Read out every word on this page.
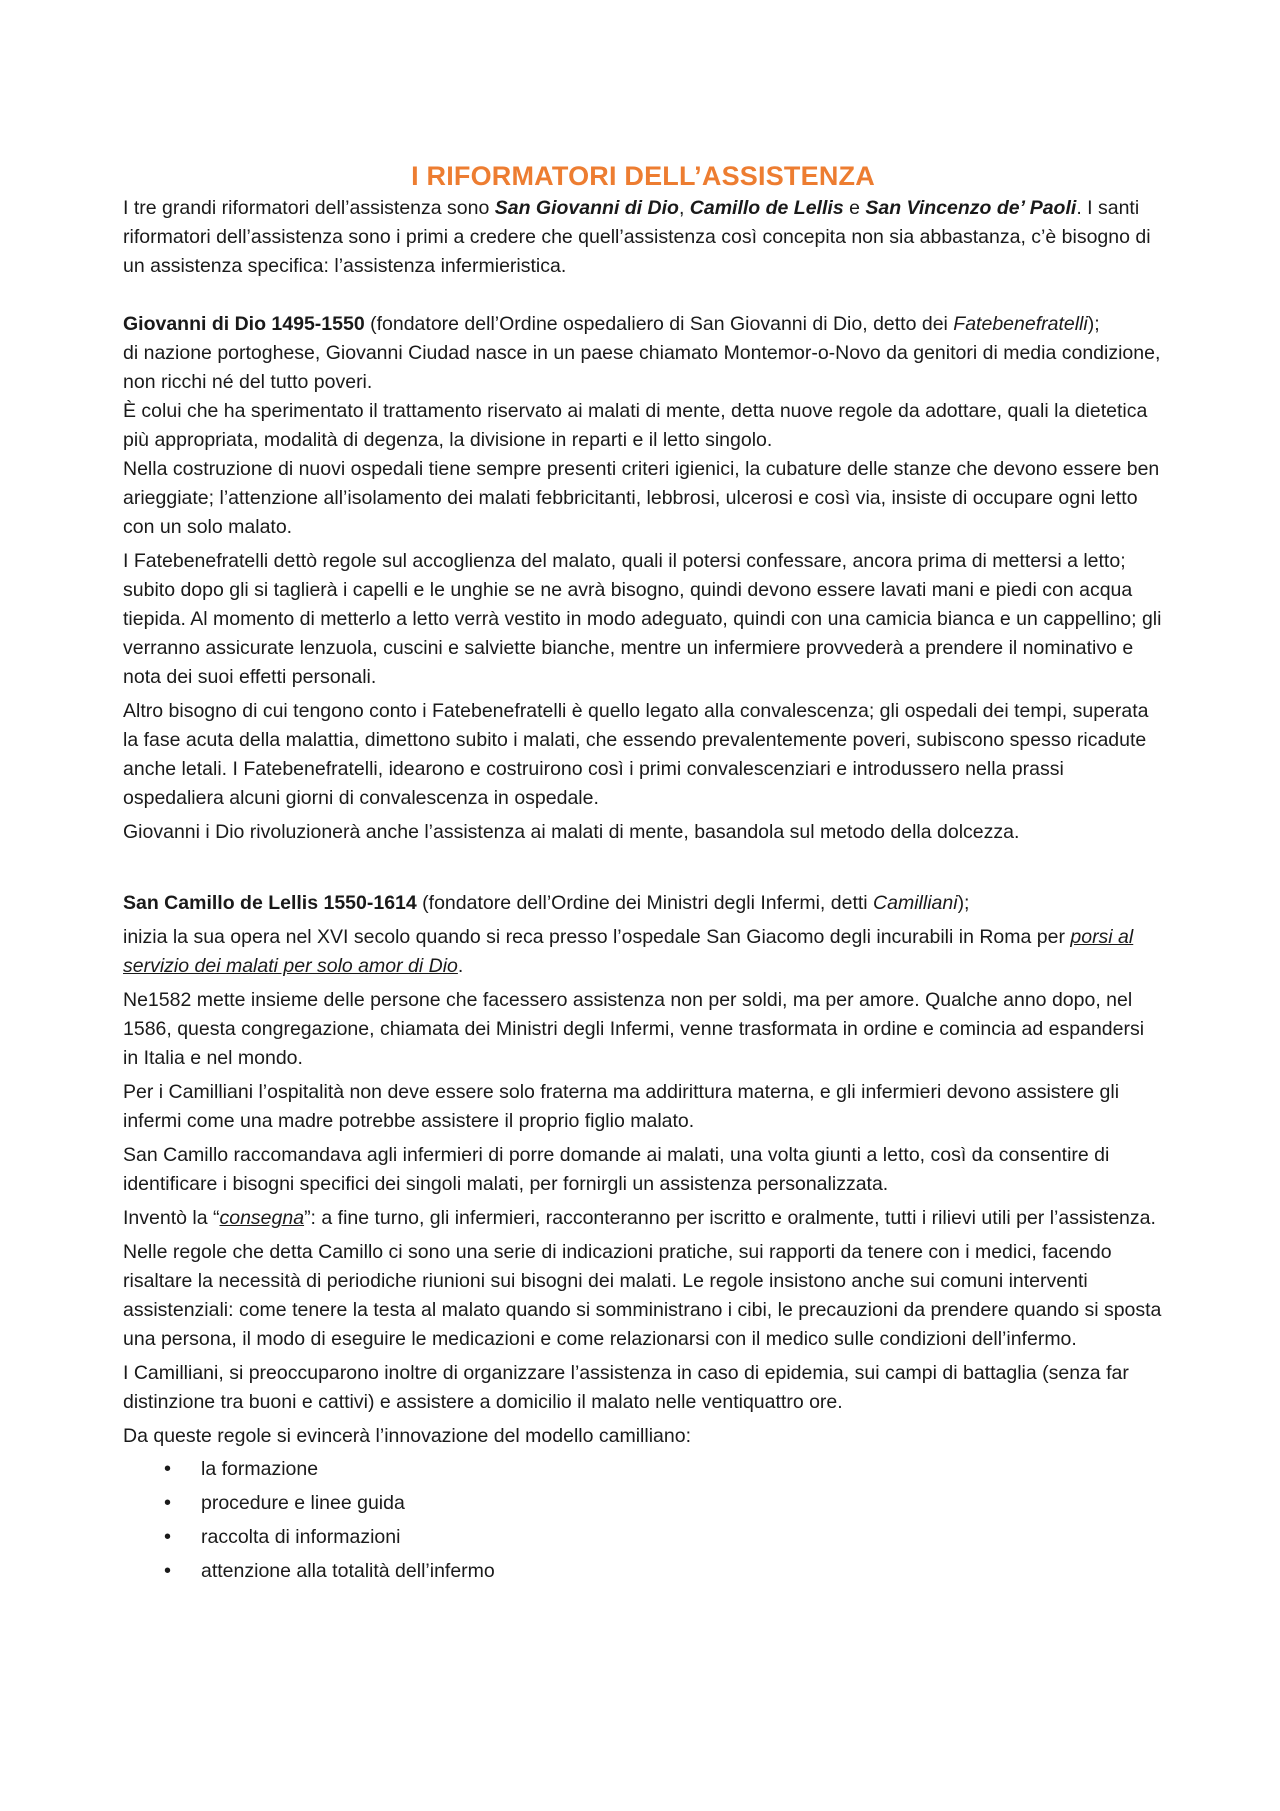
I RIFORMATORI DELL’ASSISTENZA

I tre grandi riformatori dell’assistenza sono San Giovanni di Dio, Camillo de Lellis e San Vincenzo de’ Paoli. I santi riformatori dell’assistenza sono i primi a credere che quell’assistenza così concepita non sia abbastanza, c’è bisogno di un assistenza specifica: l’assistenza infermieristica.

Giovanni di Dio 1495-1550 (fondatore dell’Ordine ospedaliero di San Giovanni di Dio, detto dei Fatebenefratelli);

di nazione portoghese, Giovanni Ciudad nasce in un paese chiamato Montemor-o-Novo da genitori di media condizione, non ricchi né del tutto poveri.

È colui che ha sperimentato il trattamento riservato ai malati di mente, detta nuove regole da adottare, quali la dietetica più appropriata, modalità di degenza, la divisione in reparti e il letto singolo.

Nella costruzione di nuovi ospedali tiene sempre presenti criteri igienici, la cubature delle stanze che devono essere ben arieggiate; l’attenzione all’isolamento dei malati febbricitanti, lebbrosi, ulcerosi e così via, insiste di occupare ogni letto con un solo malato.

I Fatebenefratelli dettò regole sul accoglienza del malato, quali il potersi confessare, ancora prima di mettersi a letto; subito dopo gli si taglierà i capelli e le unghie se ne avrà bisogno, quindi devono essere lavati mani e piedi con acqua tiepida. Al momento di metterlo a letto verrà vestito in modo adeguato, quindi con una camicia bianca e un cappellino; gli verranno assicurate lenzuola, cuscini e salviette bianche, mentre un infermiere provvederà a prendere il nominativo e nota dei suoi effetti personali.

Altro bisogno di cui tengono conto i Fatebenefratelli è quello legato alla convalescenza; gli ospedali dei tempi, superata la fase acuta della malattia, dimettono subito i malati, che essendo prevalentemente poveri, subiscono spesso ricadute anche letali. I Fatebenefratelli, idearono e costruirono così i primi convalescenziari e introdussero nella prassi ospedaliera alcuni giorni di convalescenza in ospedale.

Giovanni i Dio rivoluzionerà anche l’assistenza ai malati di mente, basandola sul metodo della dolcezza.

San Camillo de Lellis 1550-1614 (fondatore dell’Ordine dei Ministri degli Infermi, detti Camilliani);

inizia la sua opera nel XVI secolo quando si reca presso l’ospedale San Giacomo degli incurabili in Roma per porsi al servizio dei malati per solo amor di Dio.

Ne1582 mette insieme delle persone che facessero assistenza non per soldi, ma per amore. Qualche anno dopo, nel 1586, questa congregazione, chiamata dei Ministri degli Infermi, venne trasformata in ordine e comincia ad espandersi in Italia e nel mondo.

Per i Camilliani l’ospitalità non deve essere solo fraterna ma addirittura materna, e gli infermieri devono assistere gli infermi come una madre potrebbe assistere il proprio figlio malato.

San Camillo raccomandava agli infermieri di porre domande ai malati, una volta giunti a letto, così da consentire di identificare i bisogni specifici dei singoli malati, per fornirgli un assistenza personalizzata.

Inventò la “consegna”: a fine turno, gli infermieri, racconteranno per iscritto e oralmente, tutti i rilievi utili per l’assistenza.

Nelle regole che detta Camillo ci sono una serie di indicazioni pratiche, sui rapporti da tenere con i medici, facendo risaltare la necessità di periodiche riunioni sui bisogni dei malati. Le regole insistono anche sui comuni interventi assistenziali: come tenere la testa al malato quando si somministrano i cibi, le precauzioni da prendere quando si sposta una persona, il modo di eseguire le medicazioni e come relazionarsi con il medico sulle condizioni dell’infermo.

I Camilliani, si preoccuparono inoltre di organizzare l’assistenza in caso di epidemia, sui campi di battaglia (senza far distinzione tra buoni e cattivi) e assistere a domicilio il malato nelle ventiquattro ore.

Da queste regole si evincerà l’innovazione del modello camilliano:

• la formazione
• procedure e linee guida
• raccolta di informazioni
• attenzione alla totalità dell’infermo
